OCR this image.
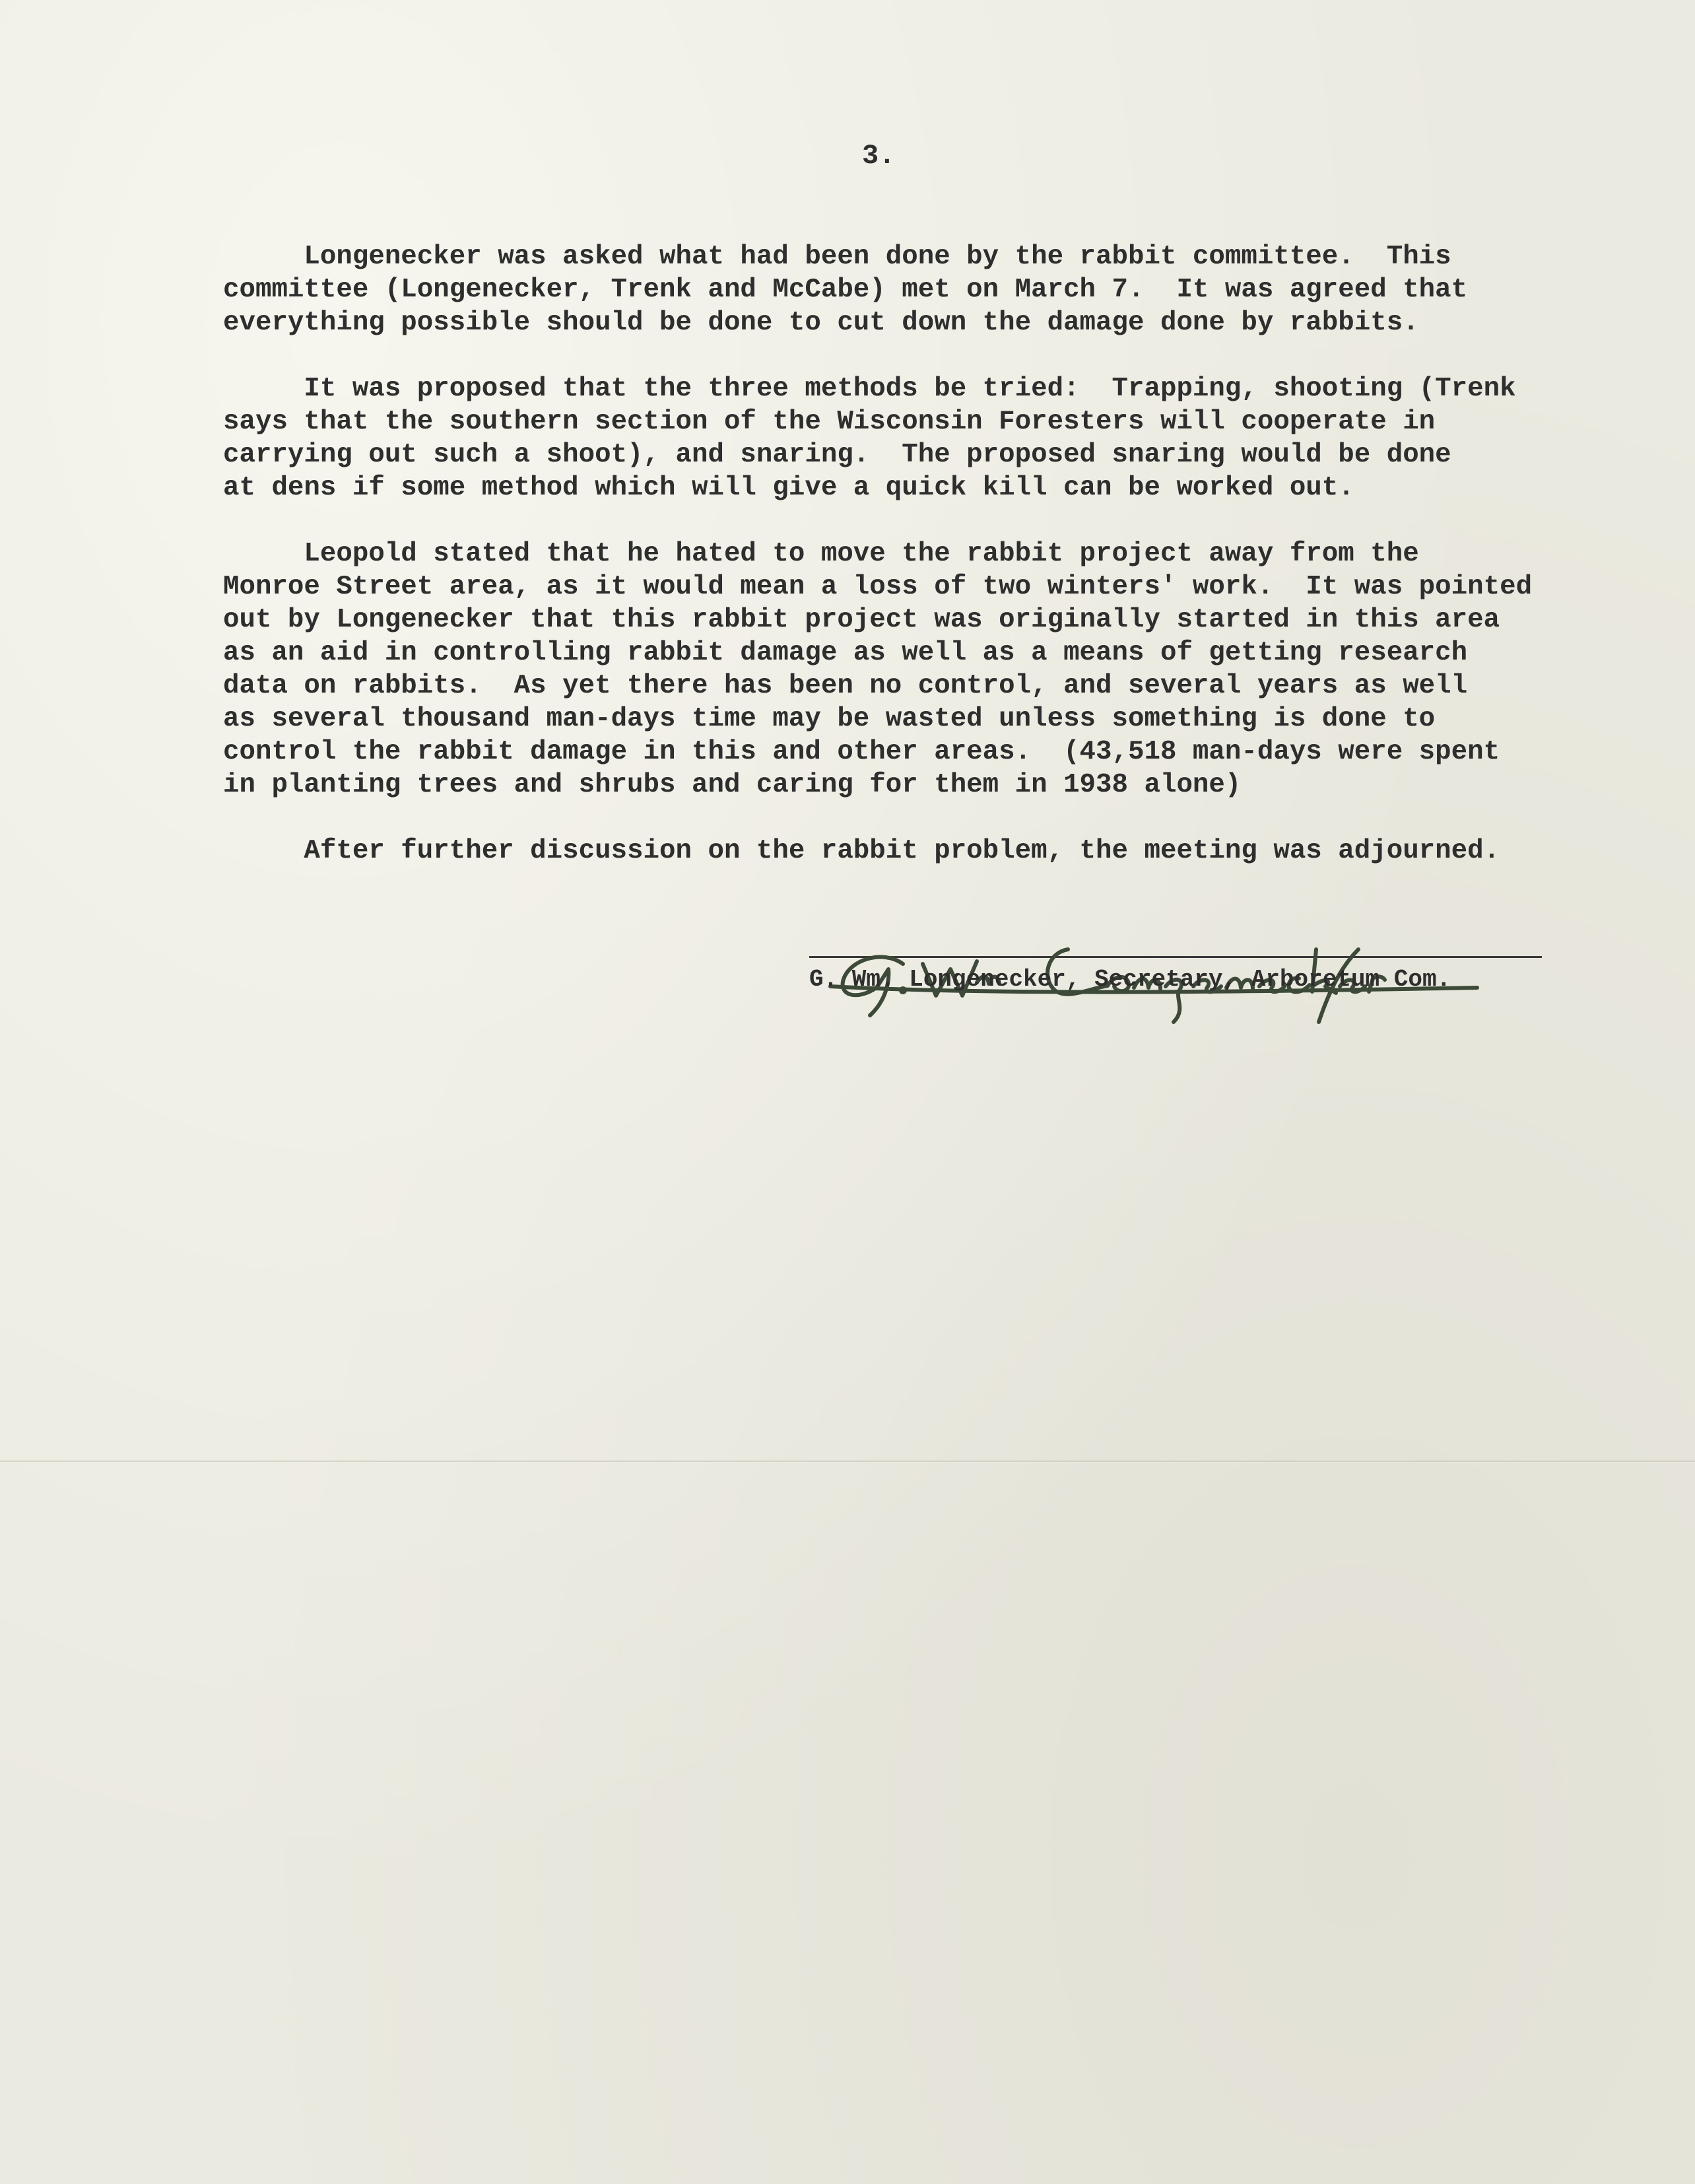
3.
Longenecker was asked what had been done by the rabbit committee.  This
committee (Longenecker, Trenk and McCabe) met on March 7.  It was agreed that
everything possible should be done to cut down the damage done by rabbits.
It was proposed that the three methods be tried:  Trapping, shooting (Trenk
says that the southern section of the Wisconsin Foresters will cooperate in
carrying out such a shoot), and snaring.  The proposed snaring would be done
at dens if some method which will give a quick kill can be worked out.
Leopold stated that he hated to move the rabbit project away from the
Monroe Street area, as it would mean a loss of two winters' work.  It was pointed
out by Longenecker that this rabbit project was originally started in this area
as an aid in controlling rabbit damage as well as a means of getting research
data on rabbits.  As yet there has been no control, and several years as well
as several thousand man-days time may be wasted unless something is done to
control the rabbit damage in this and other areas.  (43,518 man-days were spent
in planting trees and shrubs and caring for them in 1938 alone)
After further discussion on the rabbit problem, the meeting was adjourned.
G. Wm. Longenecker, Secretary, Arboretum Com.
